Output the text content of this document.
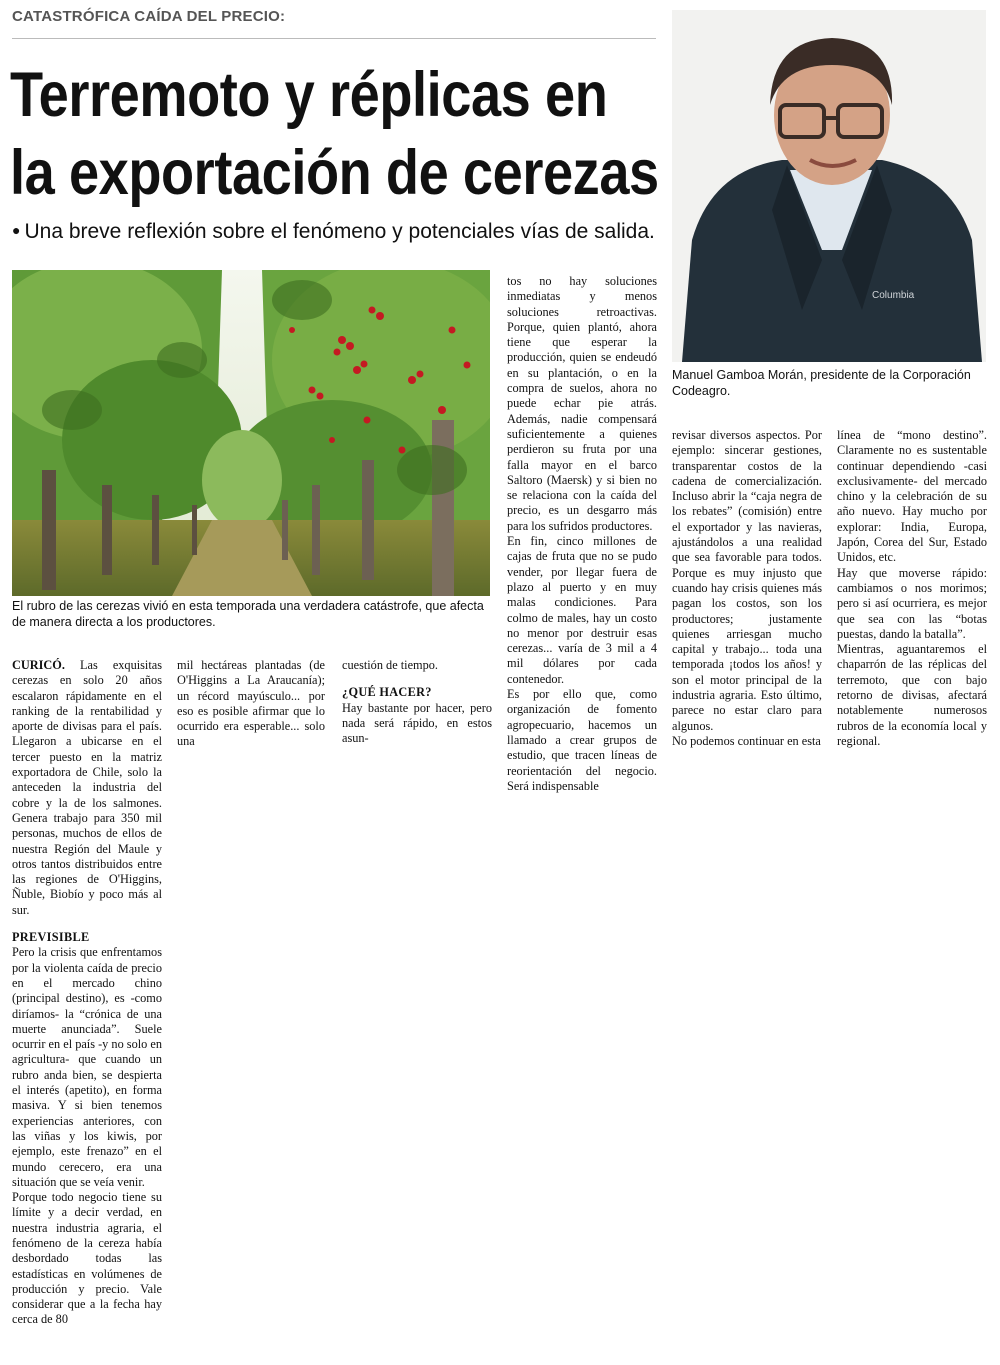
CATASTRÓFICA CAÍDA DEL PRECIO:
Terremoto y réplicas en
la exportación de cerezas
● Una breve reflexión sobre el fenómeno y potenciales vías de salida.
El rubro de las cerezas vivió en esta temporada una verdadera catástrofe, que afecta de manera directa a los productores.
Columbia
Manuel Gamboa Morán, presidente de la Corporación Codeagro.

CURICÓ. Las exquisitas cerezas en solo 20 años escalaron rápidamente en el ranking de la rentabilidad y aporte de divisas para el país. Llegaron a ubicarse en el tercer puesto en la matriz exportadora de Chile, solo la anteceden la industria del cobre y la de los salmones. Genera trabajo para 350 mil personas, muchos de ellos de nuestra Región del Maule y otros tantos distribuidos entre las regiones de O'Higgins, Ñuble, Biobío y poco más al sur.

PREVISIBLE

Pero la crisis que enfrentamos por la violenta caída de precio en el mercado chino (principal destino), es -como diríamos- la “crónica de una muerte anunciada”. Suele ocurrir en el país -y no solo en agricultura- que cuando un rubro anda bien, se despierta el interés (apetito), en forma masiva. Y si bien tenemos experiencias anteriores, con las viñas y los kiwis, por ejemplo, este frenazo” en el mundo cerecero, era una situación que se veía venir.

Porque todo negocio tiene su límite y a decir verdad, en nuestra industria agraria, el fenómeno de la cereza había desbordado todas las estadísticas en volúmenes de producción y precio. Vale considerar que a la fecha hay cerca de 80

mil hectáreas plantadas (de O'Higgins a La Araucanía); un récord mayúsculo... por eso es posible afirmar que lo ocurrido era esperable... solo una

cuestión de tiempo.

¿QUÉ HACER?

Hay bastante por hacer, pero nada será rápido, en estos asun-

tos no hay soluciones inmediatas y menos soluciones retroactivas. Porque, quien plantó, ahora tiene que esperar la producción, quien se endeudó en su plantación, o en la compra de suelos, ahora no puede echar pie atrás. Además, nadie compensará suficientemente a quienes perdieron su fruta por una falla mayor en el barco Saltoro (Maersk) y si bien no se relaciona con la caída del precio, es un desgarro más para los sufridos productores.

En fin, cinco millones de cajas de fruta que no se pudo vender, por llegar fuera de plazo al puerto y en muy malas condiciones. Para colmo de males, hay un costo no menor por destruir esas cerezas... varía de 3 mil a 4 mil dólares por cada contenedor.

Es por ello que, como organización de fomento agropecuario, hacemos un llamado a crear grupos de estudio, que tracen líneas de reorientación del negocio. Será indispensable

revisar diversos aspectos. Por ejemplo: sincerar gestiones, transparentar costos de la cadena de comercialización. Incluso abrir la “caja negra de los rebates” (comisión) entre el exportador y las navieras, ajustándolos a una realidad que sea favorable para todos. Porque es muy injusto que cuando hay crisis quienes más pagan los costos, son los productores; justamente quienes arriesgan mucho capital y trabajo... toda una temporada ¡todos los años! y son el motor principal de la industria agraria. Esto último, parece no estar claro para algunos.

No podemos continuar en esta

línea de “mono destino”. Claramente no es sustentable continuar dependiendo -casi exclusivamente- del mercado chino y la celebración de su año nuevo. Hay mucho por explorar: India, Europa, Japón, Corea del Sur, Estado Unidos, etc.

Hay que moverse rápido: cambiamos o nos morimos; pero si así ocurriera, es mejor que sea con las “botas puestas, dando la batalla”.

Mientras, aguantaremos el chaparrón de las réplicas del terremoto, que con bajo retorno de divisas, afectará notablemente numerosos rubros de la economía local y regional.
